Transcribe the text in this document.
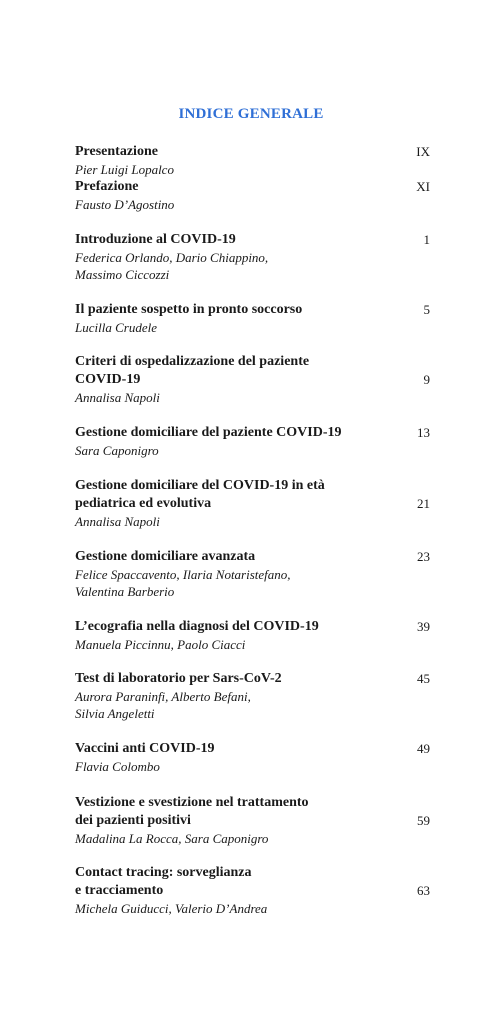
INDICE GENERALE
Presentazione
Pier Luigi Lopalco
IX
Prefazione
Fausto D’Agostino
XI
Introduzione al COVID-19
Federica Orlando, Dario Chiappino,
Massimo Ciccozzi
1
Il paziente sospetto in pronto soccorso
Lucilla Crudele
5
Criteri di ospedalizzazione del paziente
COVID-19
Annalisa Napoli
9
Gestione domiciliare del paziente COVID-19
Sara Caponigro
13
Gestione domiciliare del COVID-19 in età
pediatrica ed evolutiva
Annalisa Napoli
21
Gestione domiciliare avanzata
Felice Spaccavento, Ilaria Notaristefano,
Valentina Barberio
23
L’ecografia nella diagnosi del COVID-19
Manuela Piccinnu, Paolo Ciacci
39
Test di laboratorio per Sars-CoV-2
Aurora Paraninfi, Alberto Befani,
Silvia Angeletti
45
Vaccini anti COVID-19
Flavia Colombo
49
Vestizione e svestizione nel trattamento
dei pazienti positivi
Madalina La Rocca, Sara Caponigro
59
Contact tracing: sorveglianza
e tracciamento
Michela Guiducci, Valerio D’Andrea
63
